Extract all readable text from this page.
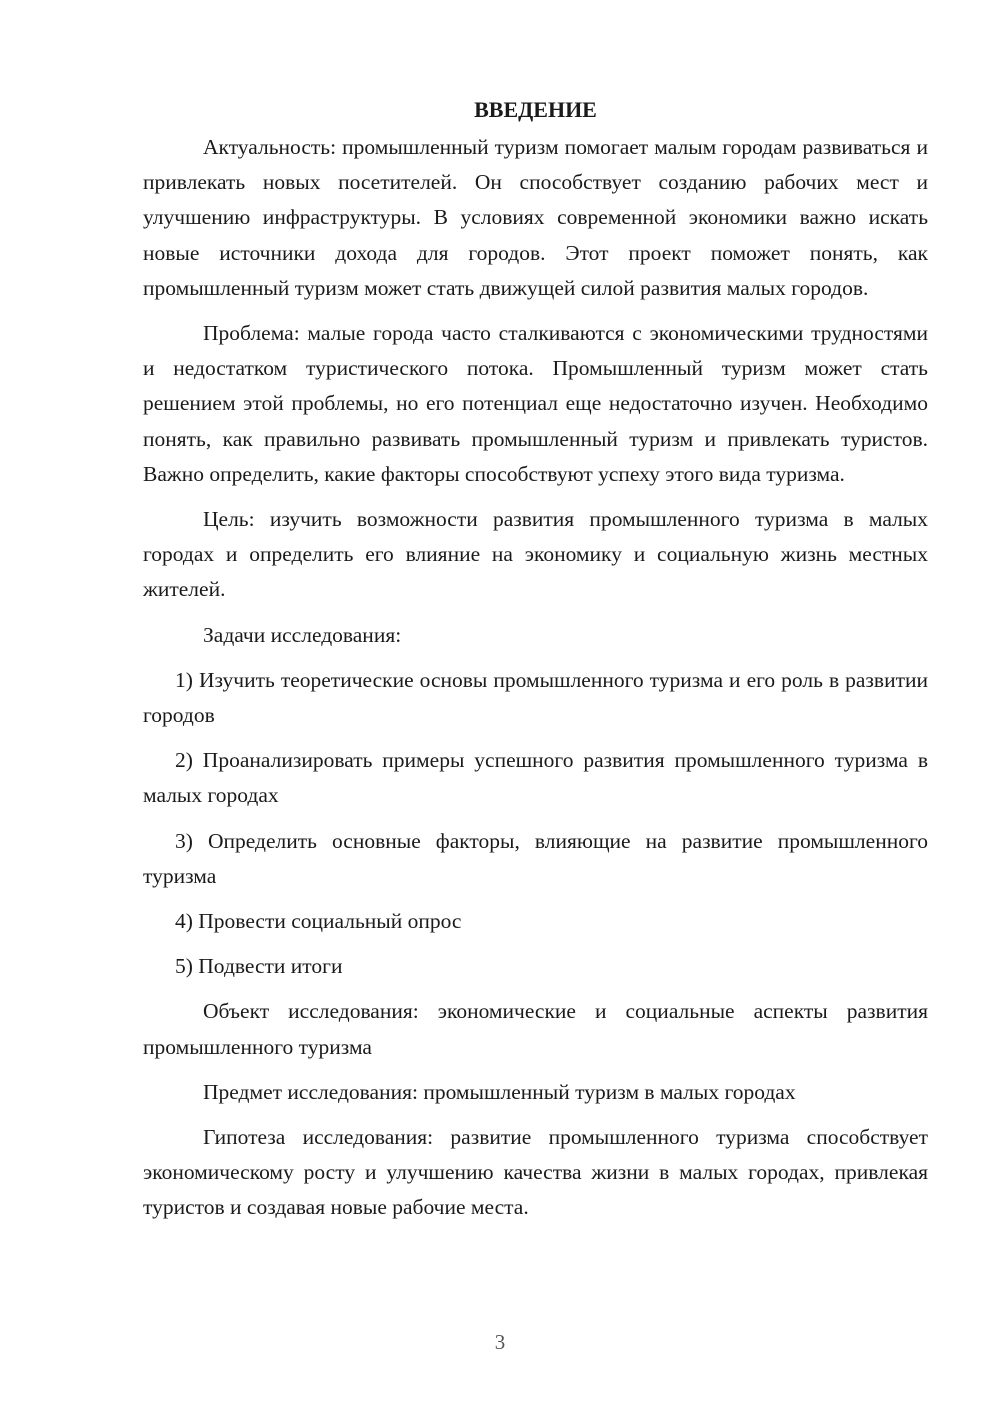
ВВЕДЕНИЕ

Актуальность: промышленный туризм помогает малым городам развиваться и привлекать новых посетителей. Он способствует созданию рабочих мест и улучшению инфраструктуры. В условиях современной экономики важно искать новые источники дохода для городов. Этот проект поможет понять, как промышленный туризм может стать движущей силой развития малых городов.

Проблема: малые города часто сталкиваются с экономическими трудностями и недостатком туристического потока. Промышленный туризм может стать решением этой проблемы, но его потенциал еще недостаточно изучен. Необходимо понять, как правильно развивать промышленный туризм и привлекать туристов. Важно определить, какие факторы способствуют успеху этого вида туризма.

Цель: изучить возможности развития промышленного туризма в малых городах и определить его влияние на экономику и социальную жизнь местных жителей.

Задачи исследования:

1) Изучить теоретические основы промышленного туризма и его роль в развитии городов

2) Проанализировать примеры успешного развития промышленного туризма в малых городах

3) Определить основные факторы, влияющие на развитие промышленного туризма

4) Провести социальный опрос

5) Подвести итоги

Объект исследования: экономические и социальные аспекты развития промышленного туризма

Предмет исследования: промышленный туризм в малых городах

Гипотеза исследования: развитие промышленного туризма способствует экономическому росту и улучшению качества жизни в малых городах, привлекая туристов и создавая новые рабочие места.

3
